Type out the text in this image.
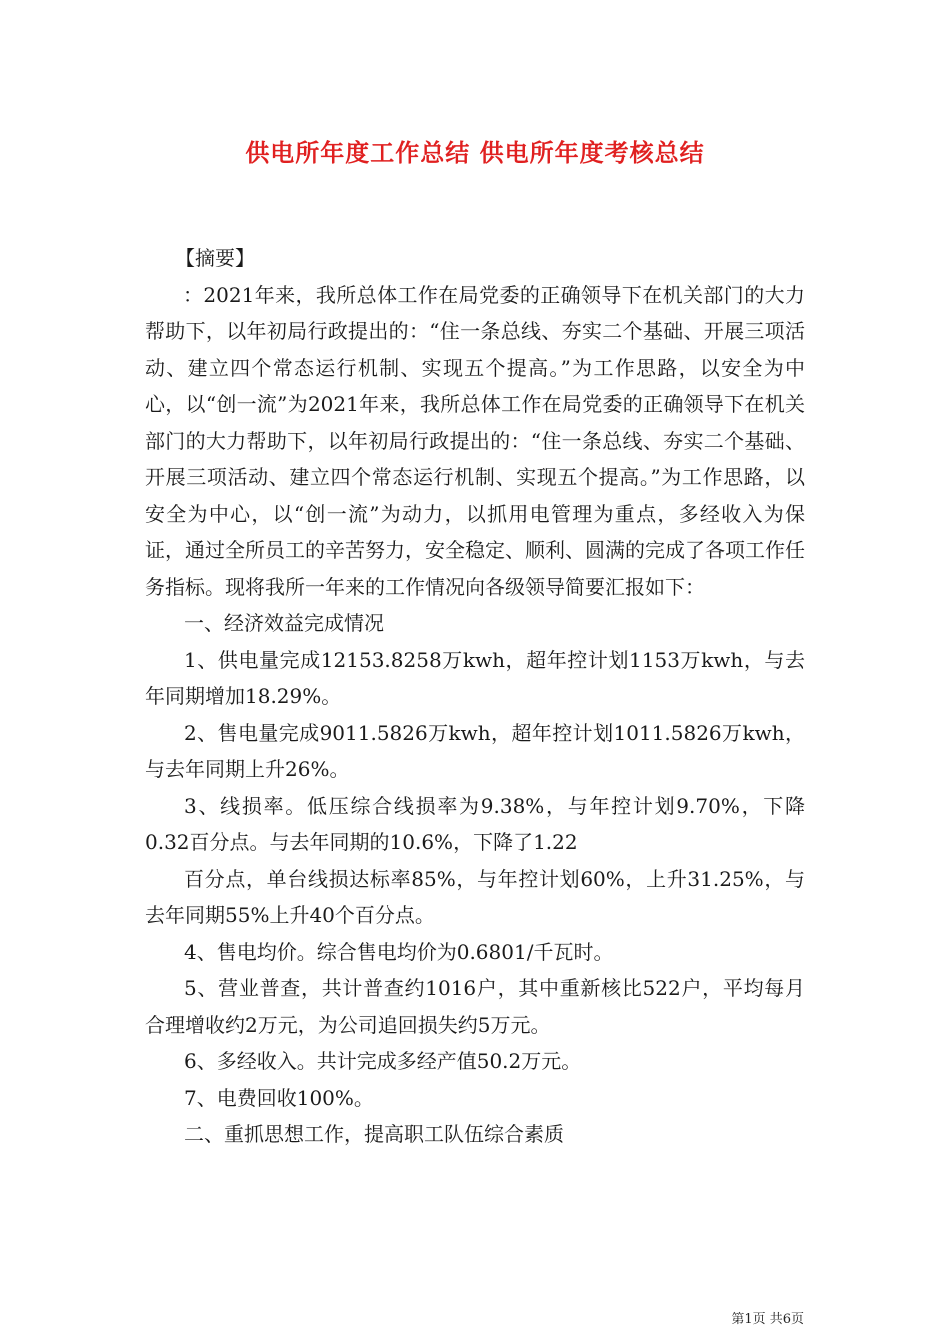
供电所年度工作总结 供电所年度考核总结

【摘要】

：2021年来，我所总体工作在局党委的正确领导下在机关部门的大力帮助下，以年初局行政提出的：“住一条总线、夯实二个基础、开展三项活动、建立四个常态运行机制、实现五个提高。”为工作思路，以安全为中心，以“创一流”为2021年来，我所总体工作在局党委的正确领导下在机关部门的大力帮助下，以年初局行政提出的：“住一条总线、夯实二个基础、开展三项活动、建立四个常态运行机制、实现五个提高。”为工作思路，以安全为中心，以“创一流”为动力，以抓用电管理为重点，多经收入为保证，通过全所员工的辛苦努力，安全稳定、顺利、圆满的完成了各项工作任务指标。现将我所一年来的工作情况向各级领导简要汇报如下：

一、经济效益完成情况

1、供电量完成12153.8258万kwh，超年控计划1153万kwh，与去年同期增加18.29%。

2、售电量完成9011.5826万kwh，超年控计划1011.5826万kwh，与去年同期上升26%。

3、线损率。低压综合线损率为9.38%，与年控计划9.70%，下降0.32百分点。与去年同期的10.6%，下降了1.22

百分点，单台线损达标率85%，与年控计划60%，上升31.25%，与去年同期55%上升40个百分点。

4、售电均价。综合售电均价为0.6801/千瓦时。

5、营业普查，共计普查约1016户，其中重新核比522户，平均每月合理增收约2万元，为公司追回损失约5万元。

6、多经收入。共计完成多经产值50.2万元。

7、电费回收100%。

二、重抓思想工作，提高职工队伍综合素质

第1页 共6页
